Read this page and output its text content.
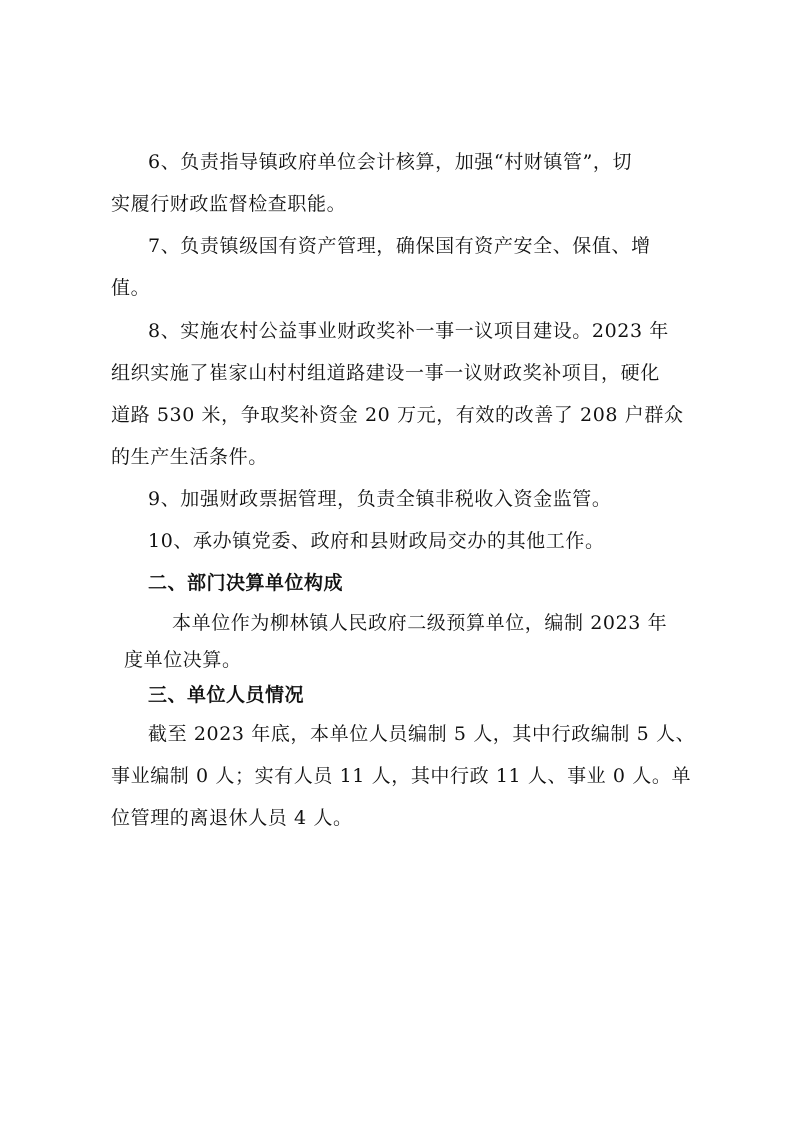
6、负责指导镇政府单位会计核算，加强“村财镇管”，切

实履行财政监督检查职能。

7、负责镇级国有资产管理，确保国有资产安全、保值、增

值。

8、实施农村公益事业财政奖补一事一议项目建设。2023 年

组织实施了崔家山村村组道路建设一事一议财政奖补项目，硬化

道路 530 米，争取奖补资金 20 万元，有效的改善了 208 户群众

的生产生活条件。

9、加强财政票据管理，负责全镇非税收入资金监管。

10、承办镇党委、政府和县财政局交办的其他工作。

二、部门决算单位构成

本单位作为柳林镇人民政府二级预算单位，编制 2023 年

度单位决算。

三、单位人员情况

截至 2023 年底，本单位人员编制 5 人，其中行政编制 5 人、

事业编制 0 人；实有人员 11 人，其中行政 11 人、事业 0 人。单

位管理的离退休人员 4 人。
